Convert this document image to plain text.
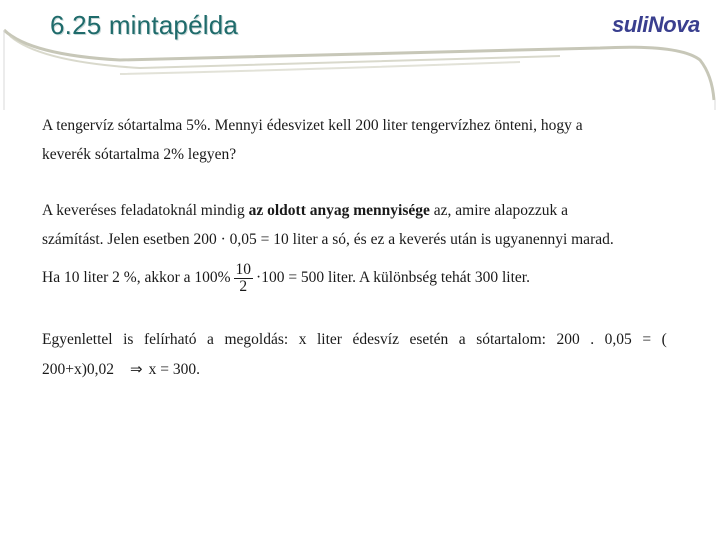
6.25 mintapélda	suliNova
A tengervíz sótartalma 5%. Mennyi édesvizet kell 200 liter tengervízhez önteni, hogy a
keverék sótartalma 2% legyen?
A keveréses feladatoknál mindig az oldott anyag mennyisége az, amire alapozzuk a
számítást. Jelen esetben 200 · 0,05 = 10 liter a só, és ez a keverés után is ugyanennyi marad.
Ha 10 liter 2 %, akkor a $100\% \frac{10}{2} \cdot 100 = 500$ liter. A különbség tehát 300 liter.
Egyenlettel is felírható a megoldás: x liter édesvíz esetén a sótartalom: 200 . 0,05 = (
200+x)0,02 ⇒ x = 300.
